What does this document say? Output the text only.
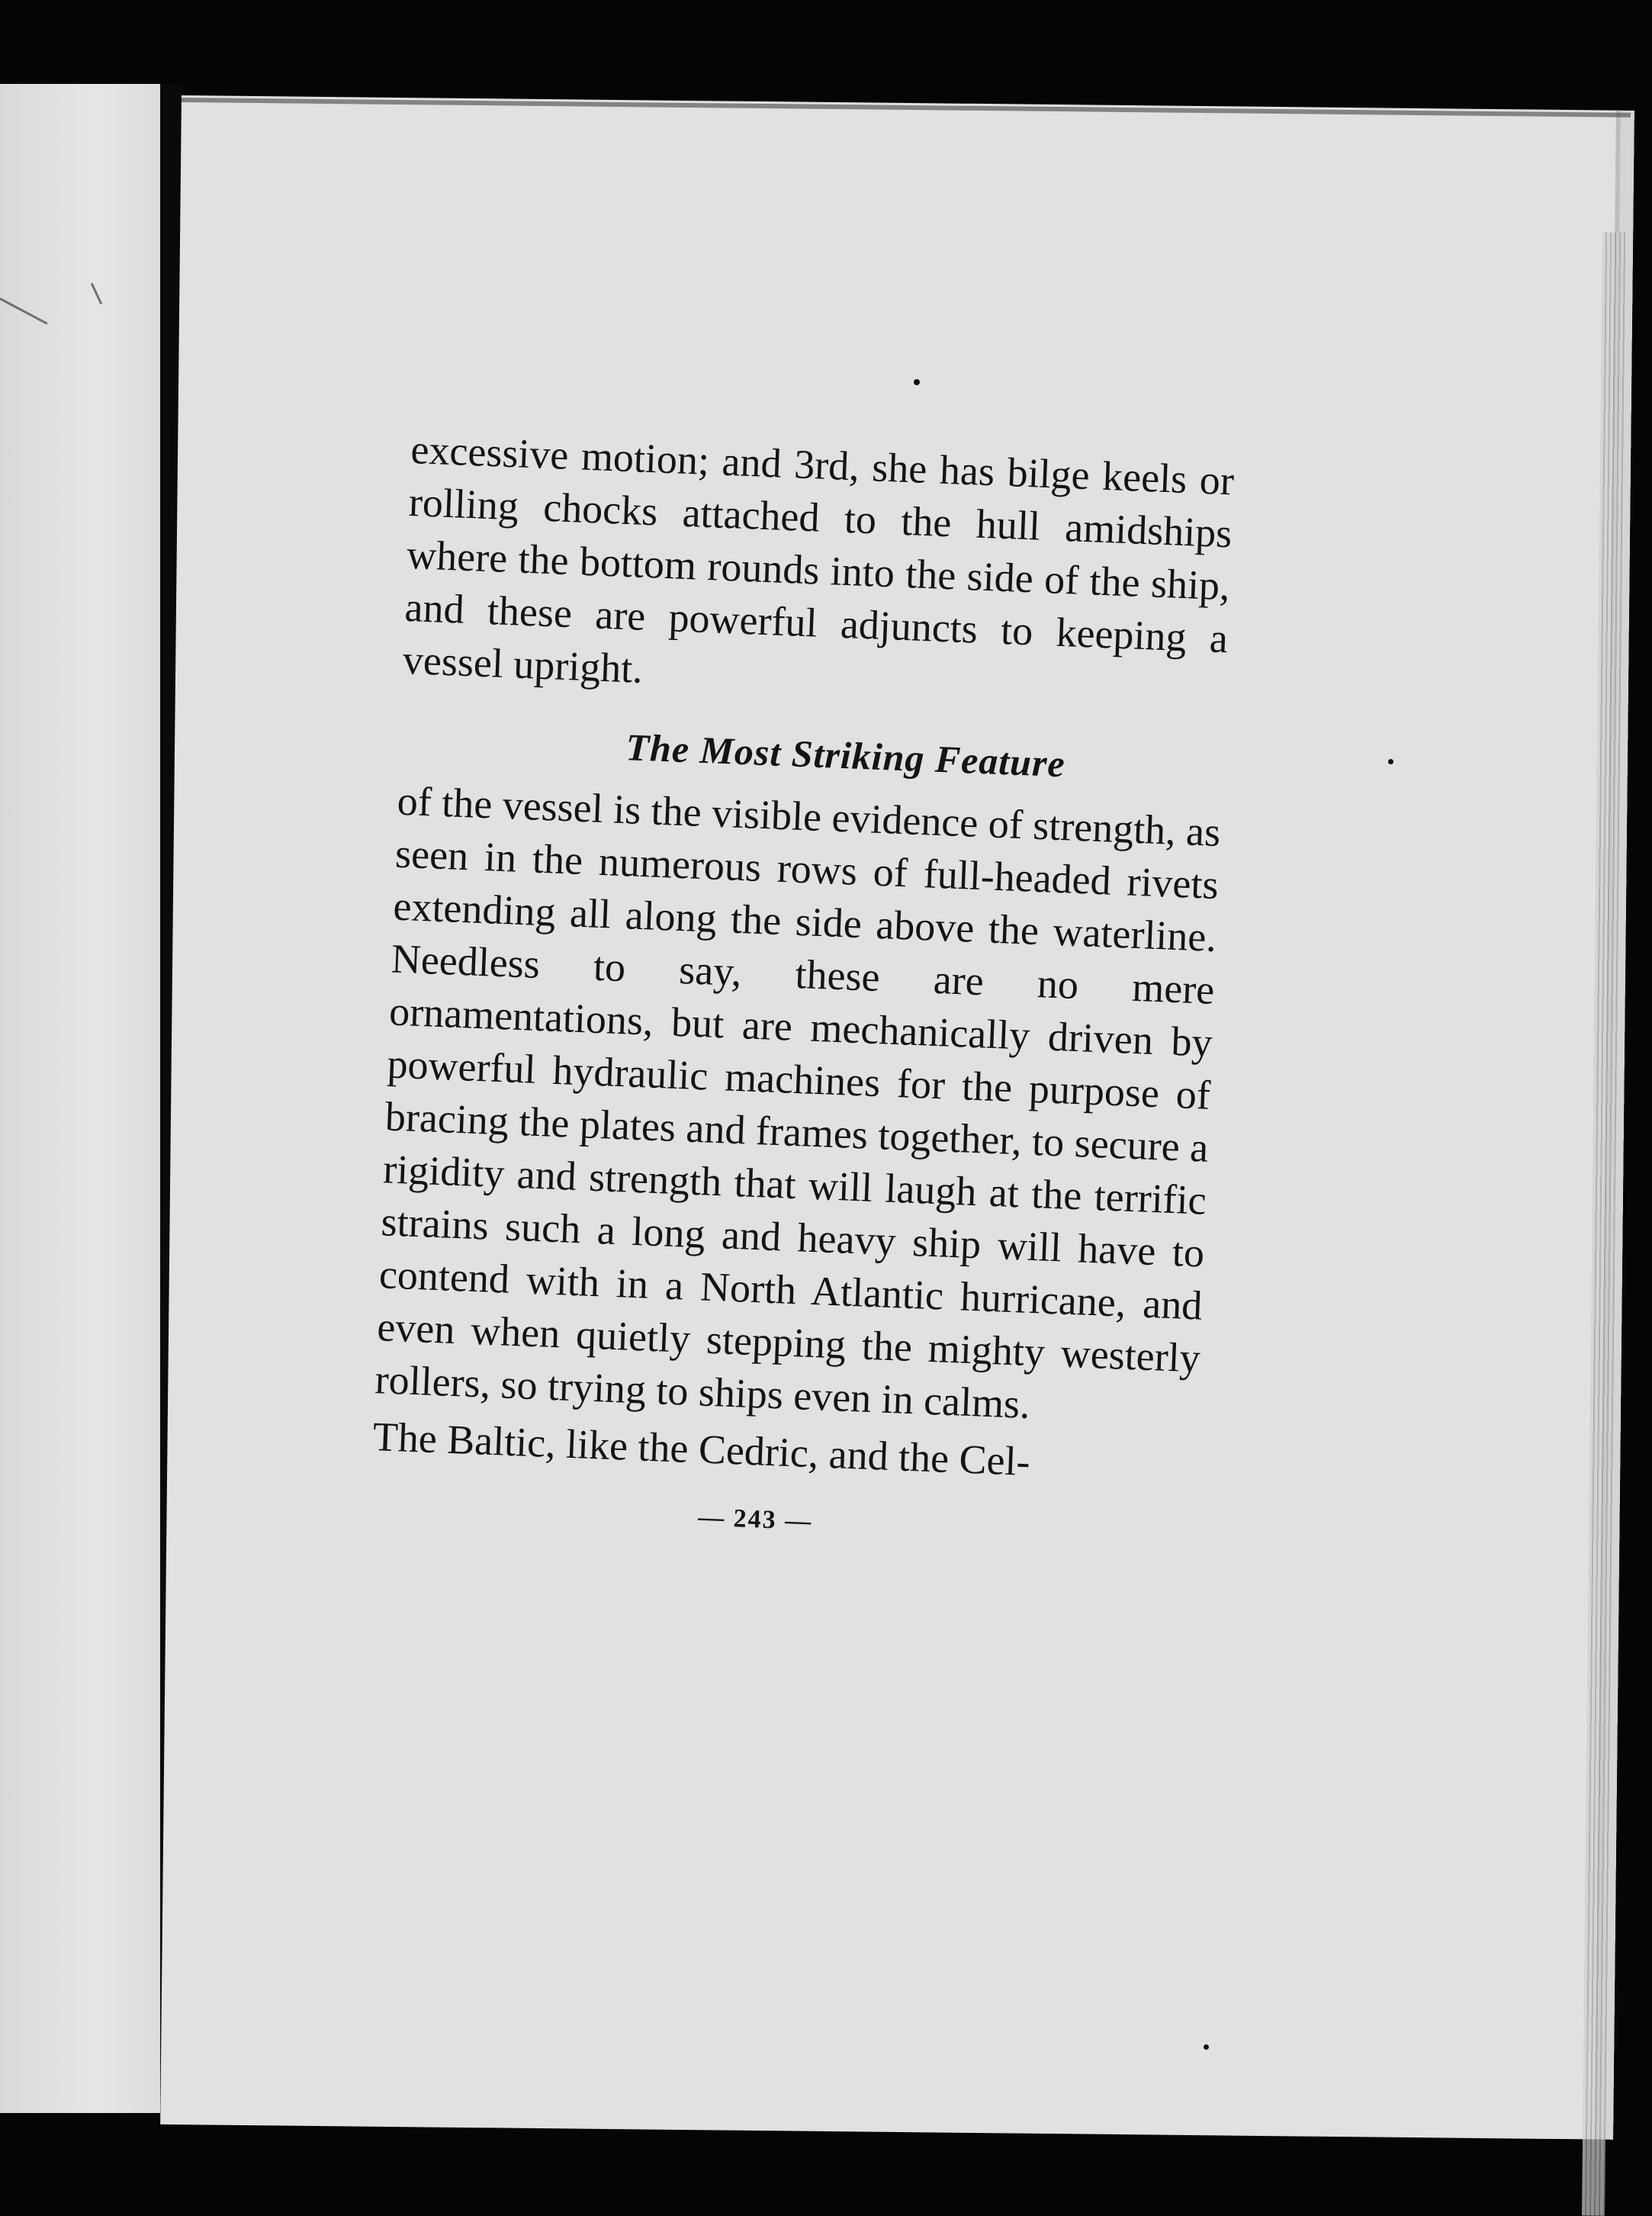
excessive motion; and 3rd, she has bilge keels or rolling chocks attached to the hull amidships where the bottom rounds into the side of the ship, and these are powerful adjuncts to keeping a vessel upright.

The Most Striking Feature

of the vessel is the visible evidence of strength, as seen in the numerous rows of full-headed rivets extending all along the side above the waterline. Needless to say, these are no mere ornamentations, but are mechanically driven by powerful hydraulic machines for the purpose of bracing the plates and frames together, to secure a rigidity and strength that will laugh at the terrific strains such a long and heavy ship will have to contend with in a North Atlantic hurricane, and even when quietly stepping the mighty westerly rollers, so trying to ships even in calms.

The Baltic, like the Cedric, and the Cel-

— 243 —
